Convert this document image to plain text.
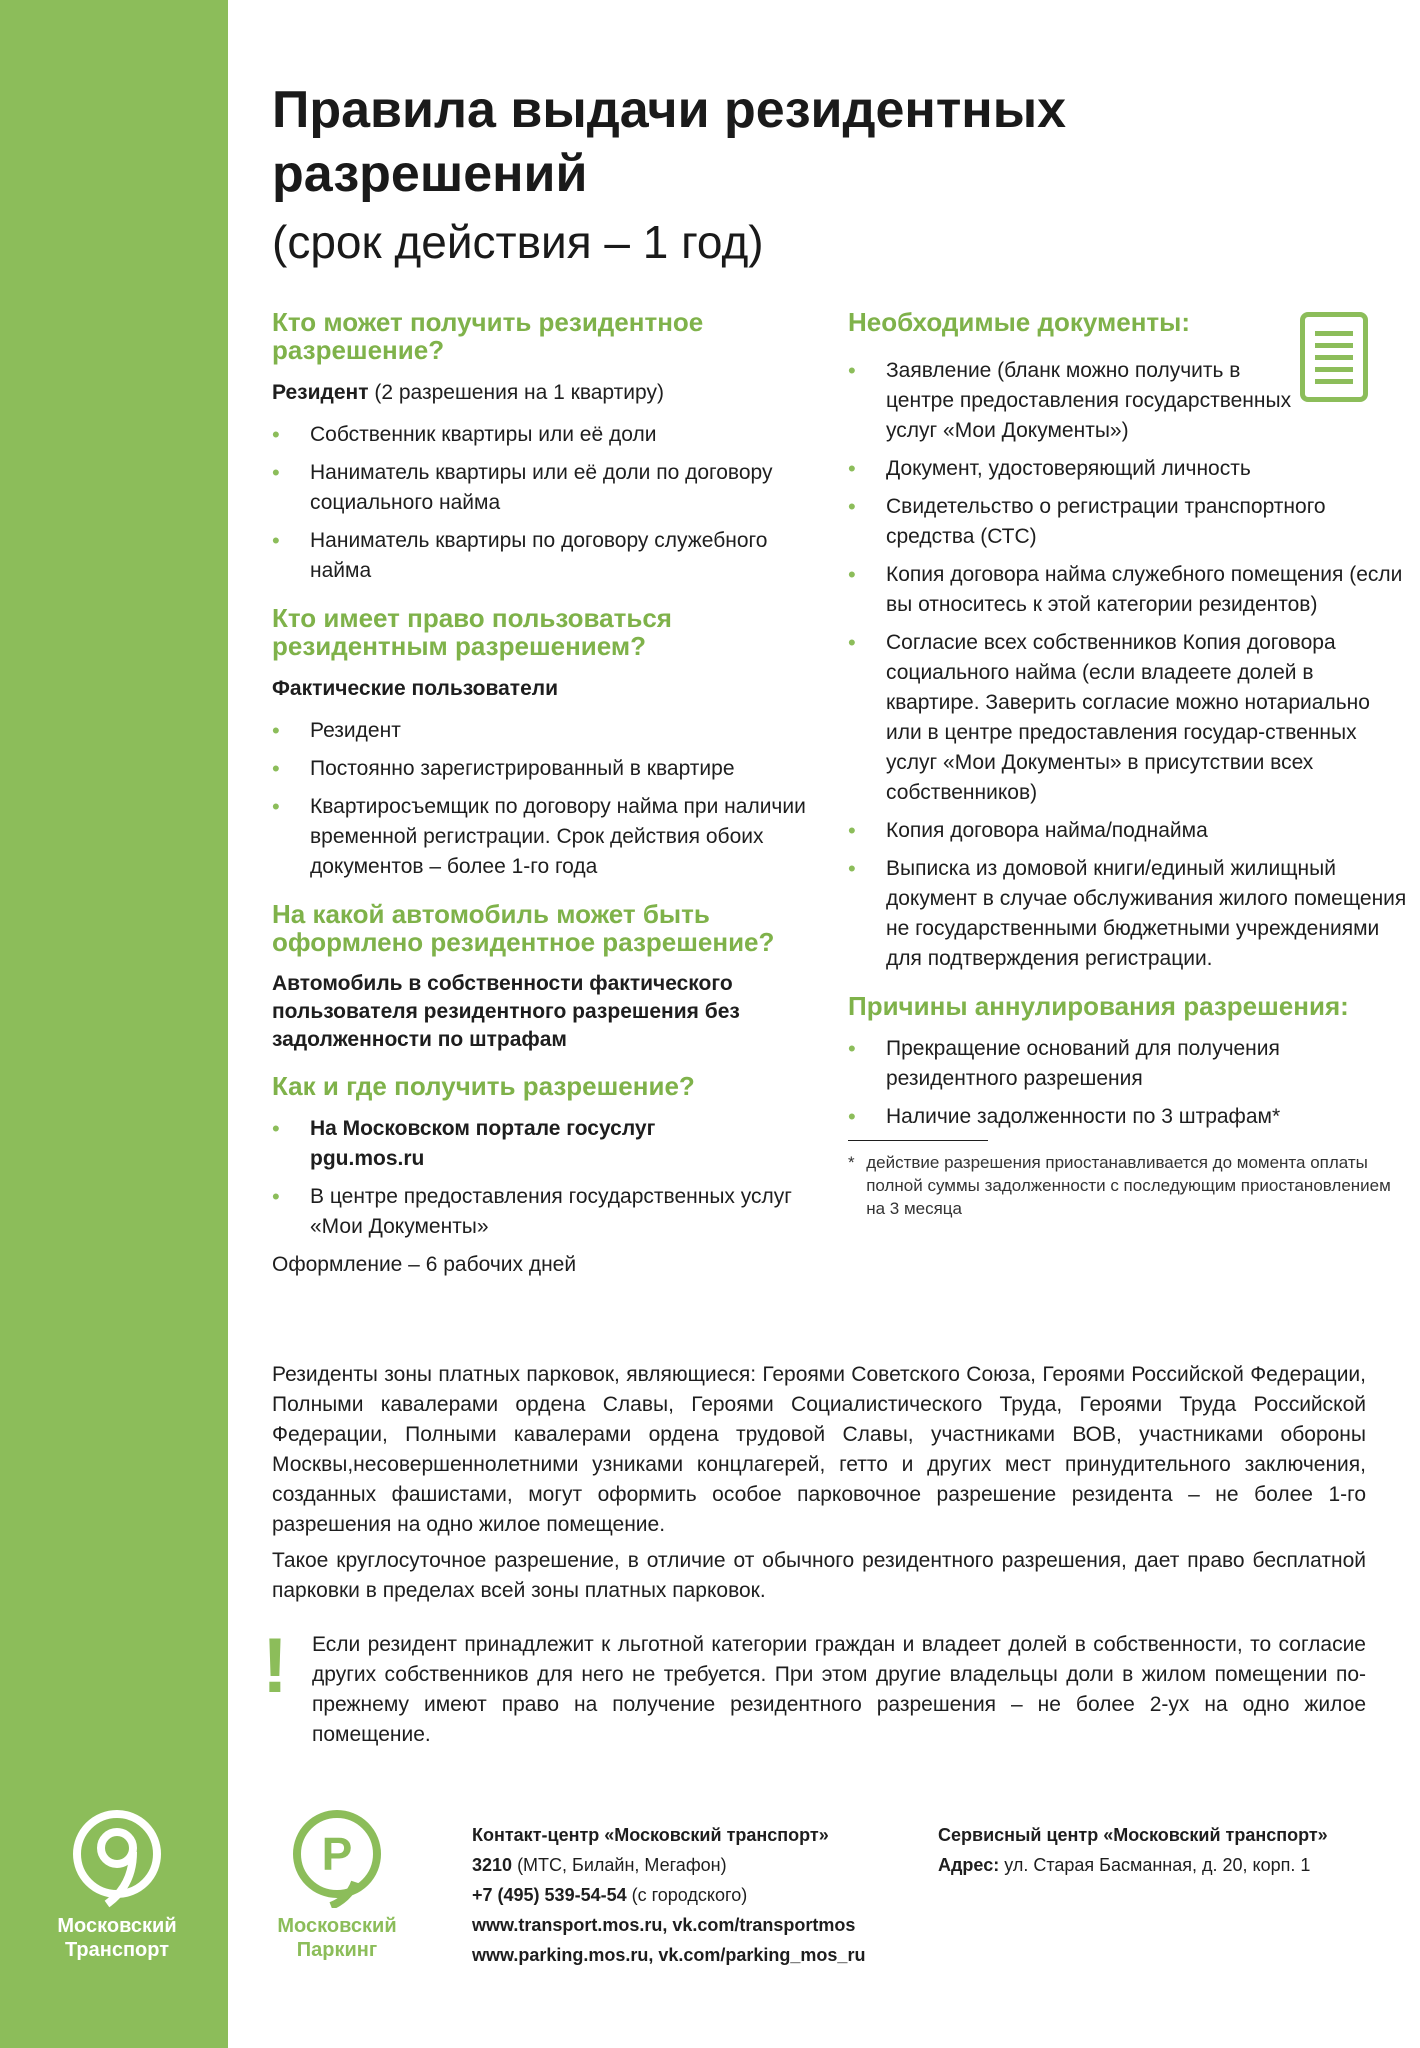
Правила выдачи резидентных разрешений
(срок действия – 1 год)
Кто может получить резидентное разрешение?

Резидент (2 разрешения на 1 квартиру)

• Собственник квартиры или её доли
• Наниматель квартиры или её доли по договору социального найма
• Наниматель квартиры по договору служебного найма
Кто имеет право пользоваться резидентным разрешением?

Фактические пользователи

• Резидент
• Постоянно зарегистрированный в квартире
• Квартиросъемщик по договору найма при наличии временной регистрации. Срок действия обоих документов – более 1-го года
На какой автомобиль может быть оформлено резидентное разрешение?

Автомобиль в собственности фактического пользователя резидентного разрешения без задолженности по штрафам

Как и где получить разрешение?
• На Московском портале госуслуг
pgu.mos.ru
• В центре предоставления государственных услуг «Мои Документы»

Оформление – 6 рабочих дней

Необходимые документы:
• Заявление (бланк можно получить в центре предоставления государственных услуг «Мои Документы»)
• Документ, удостоверяющий личность
• Свидетельство о регистрации транспортного средства (СТС)
• Копия договора найма служебного помещения (если вы относитесь к этой категории резидентов)
• Согласие всех собственников Копия договора социального найма (если владеете долей в квартире. Заверить согласие можно нотариально или в центре предоставления государ-ственных услуг «Мои Документы» в присутствии всех собственников)
• Копия договора найма/поднайма
• Выписка из домовой книги/единый жилищный документ в случае обслуживания жилого помещения не государственными бюджетными учреждениями для подтверждения регистрации.
Причины аннулирования разрешения:
• Прекращение оснований для получения резидентного разрешения
• Наличие задолженности по 3 штрафам*
* действие разрешения приостанавливается до момента оплаты полной суммы задолженности с последующим приостановлением на 3 месяца

Резиденты зоны платных парковок, являющиеся: Героями Советского Союза, Героями Российской Федерации, Полными кавалерами ордена Славы, Героями Социалистического Труда, Героями Труда Российской Федерации, Полными кавалерами ордена трудовой Славы, участниками ВОВ, участниками обороны Москвы,несовершеннолетними узниками концлагерей, гетто и других мест принудительного заключения, созданных фашистами, могут оформить особое парковочное разрешение резидента – не более 1-го разрешения на одно жилое помещение.

Такое круглосуточное разрешение, в отличие от обычного резидентного разрешения, дает право бесплатной парковки в пределах всей зоны платных парковок.

!	Если резидент принадлежит к льготной категории граждан и владеет долей в собственности, то согласие других собственников для него не требуется. При этом другие владельцы доли в жилом помещении по-прежнему имеют право на получение резидентного разрешения – не более 2-ух на одно жилое помещение.

Московский
Транспорт
P
Московский
Паркинг
Контакт-центр «Московский транспорт»
3210 (МТС, Билайн, Мегафон)
+7 (495) 539-54-54 (с городского)
www.transport.mos.ru, vk.com/transportmos
www.parking.mos.ru, vk.com/parking_mos_ru
Сервисный центр «Московский транспорт»
Адрес: ул. Старая Басманная, д. 20, корп. 1
